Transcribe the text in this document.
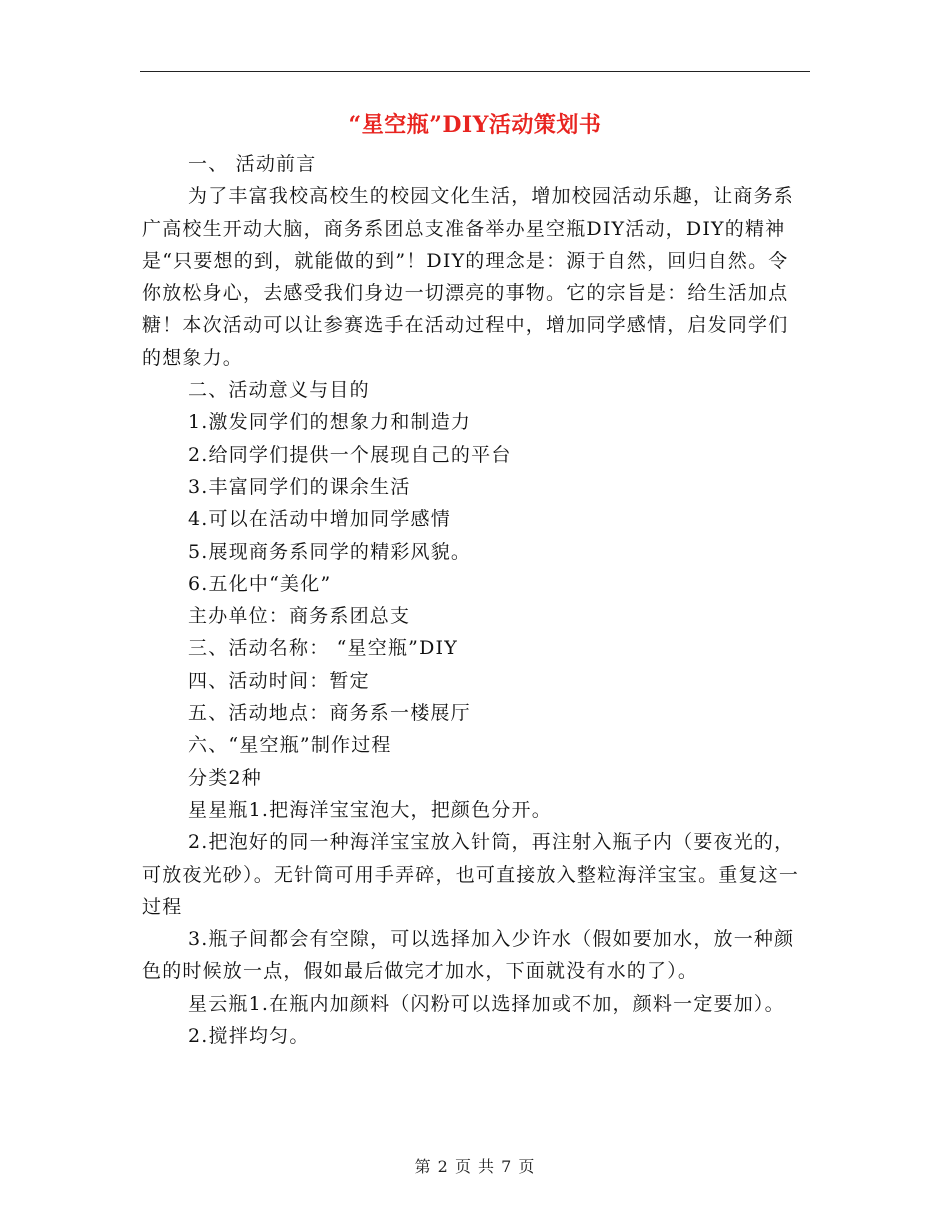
“星空瓶”DIY活动策划书

一、 活动前言

为了丰富我校高校生的校园文化生活，增加校园活动乐趣，让商务系广高校生开动大脑，商务系团总支准备举办星空瓶DIY活动，DIY的精神是“只要想的到，就能做的到”！DIY的理念是：源于自然，回归自然。令你放松身心，去感受我们身边一切漂亮的事物。它的宗旨是：给生活加点糖！本次活动可以让参赛选手在活动过程中，增加同学感情，启发同学们的想象力。

二、活动意义与目的

1.激发同学们的想象力和制造力

2.给同学们提供一个展现自己的平台

3.丰富同学们的课余生活

4.可以在活动中增加同学感情

5.展现商务系同学的精彩风貌。

6.五化中“美化”

主办单位：商务系团总支

三、活动名称： “星空瓶”DIY

四、活动时间：暂定

五、活动地点：商务系一楼展厅

六、“星空瓶”制作过程

分类2种

星星瓶1.把海洋宝宝泡大，把颜色分开。

2.把泡好的同一种海洋宝宝放入针筒，再注射入瓶子内（要夜光的，可放夜光砂）。无针筒可用手弄碎，也可直接放入整粒海洋宝宝。重复这一过程

3.瓶子间都会有空隙，可以选择加入少许水（假如要加水，放一种颜色的时候放一点，假如最后做完才加水，下面就没有水的了）。

星云瓶1.在瓶内加颜料（闪粉可以选择加或不加，颜料一定要加）。

2.搅拌均匀。

第 2 页 共 7 页
